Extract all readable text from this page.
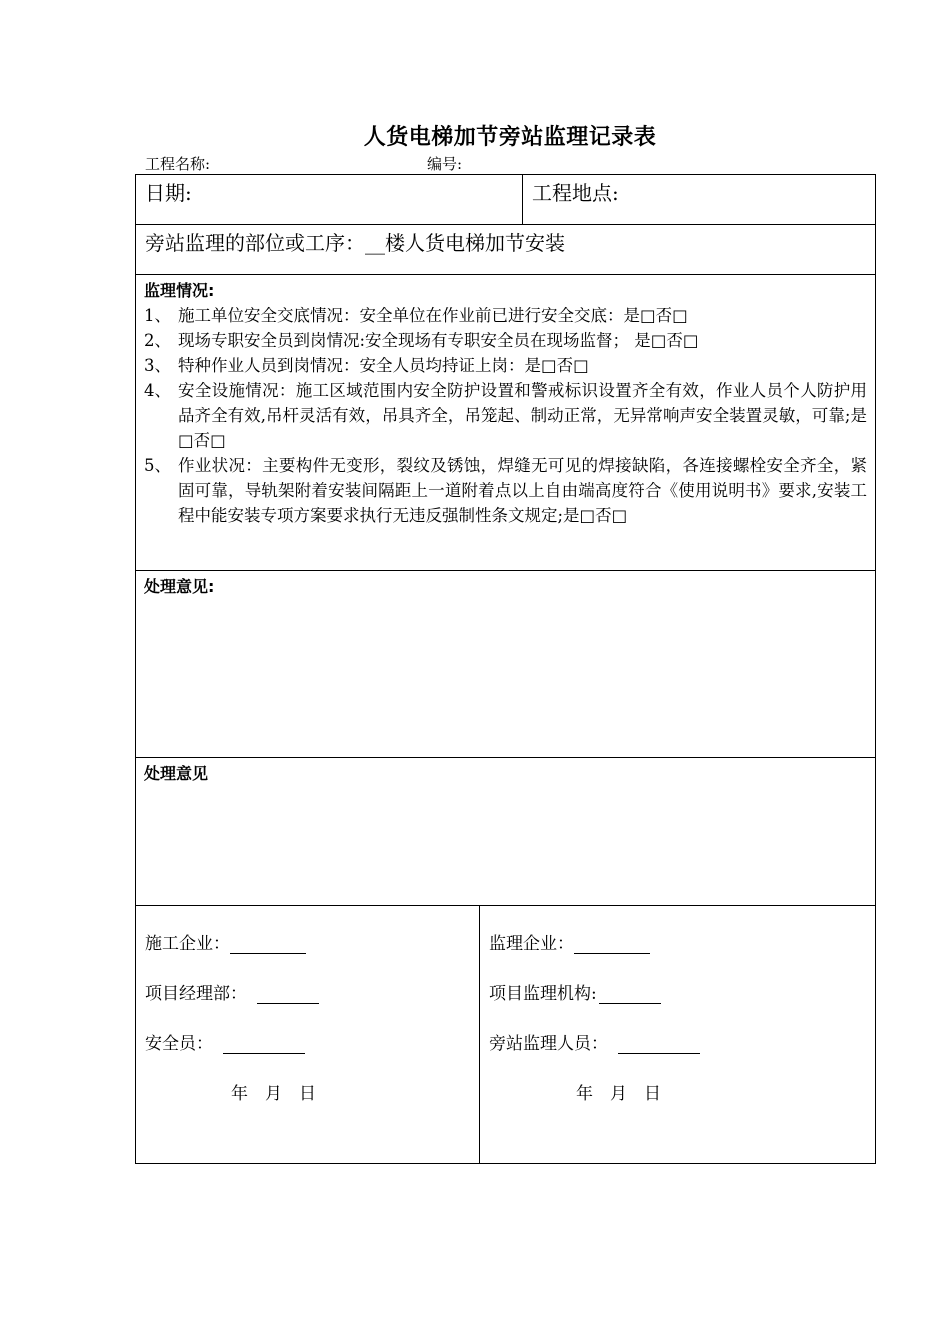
人货电梯加节旁站监理记录表
工程名称:	编号:
日期:	工程地点:
旁站监理的部位或工序：__楼人货电梯加节安装
监理情况:
1、 施工单位安全交底情况：安全单位在作业前已进行安全交底：是□否□
2、 现场专职安全员到岗情况:安全现场有专职安全员在现场监督； 是□否□
3、 特种作业人员到岗情况：安全人员均持证上岗：是□否□
4、 安全设施情况：施工区域范围内安全防护设置和警戒标识设置齐全有效，作业人员个人防护用品齐全有效,吊杆灵活有效，吊具齐全，吊笼起、制动正常，无异常响声安全装置灵敏，可靠;是□否□
5、 作业状况：主要构件无变形，裂纹及锈蚀，焊缝无可见的焊接缺陷，各连接螺栓安全齐全，紧固可靠，导轨架附着安装间隔距上一道附着点以上自由端高度符合《使用说明书》要求,安装工程中能安装专项方案要求执行无违反强制性条文规定;是□否□
处理意见:
处理意见
施工企业：
项目经理部：
安全员：
年　月　日
监理企业：
项目监理机构:
旁站监理人员：
年　月　日
